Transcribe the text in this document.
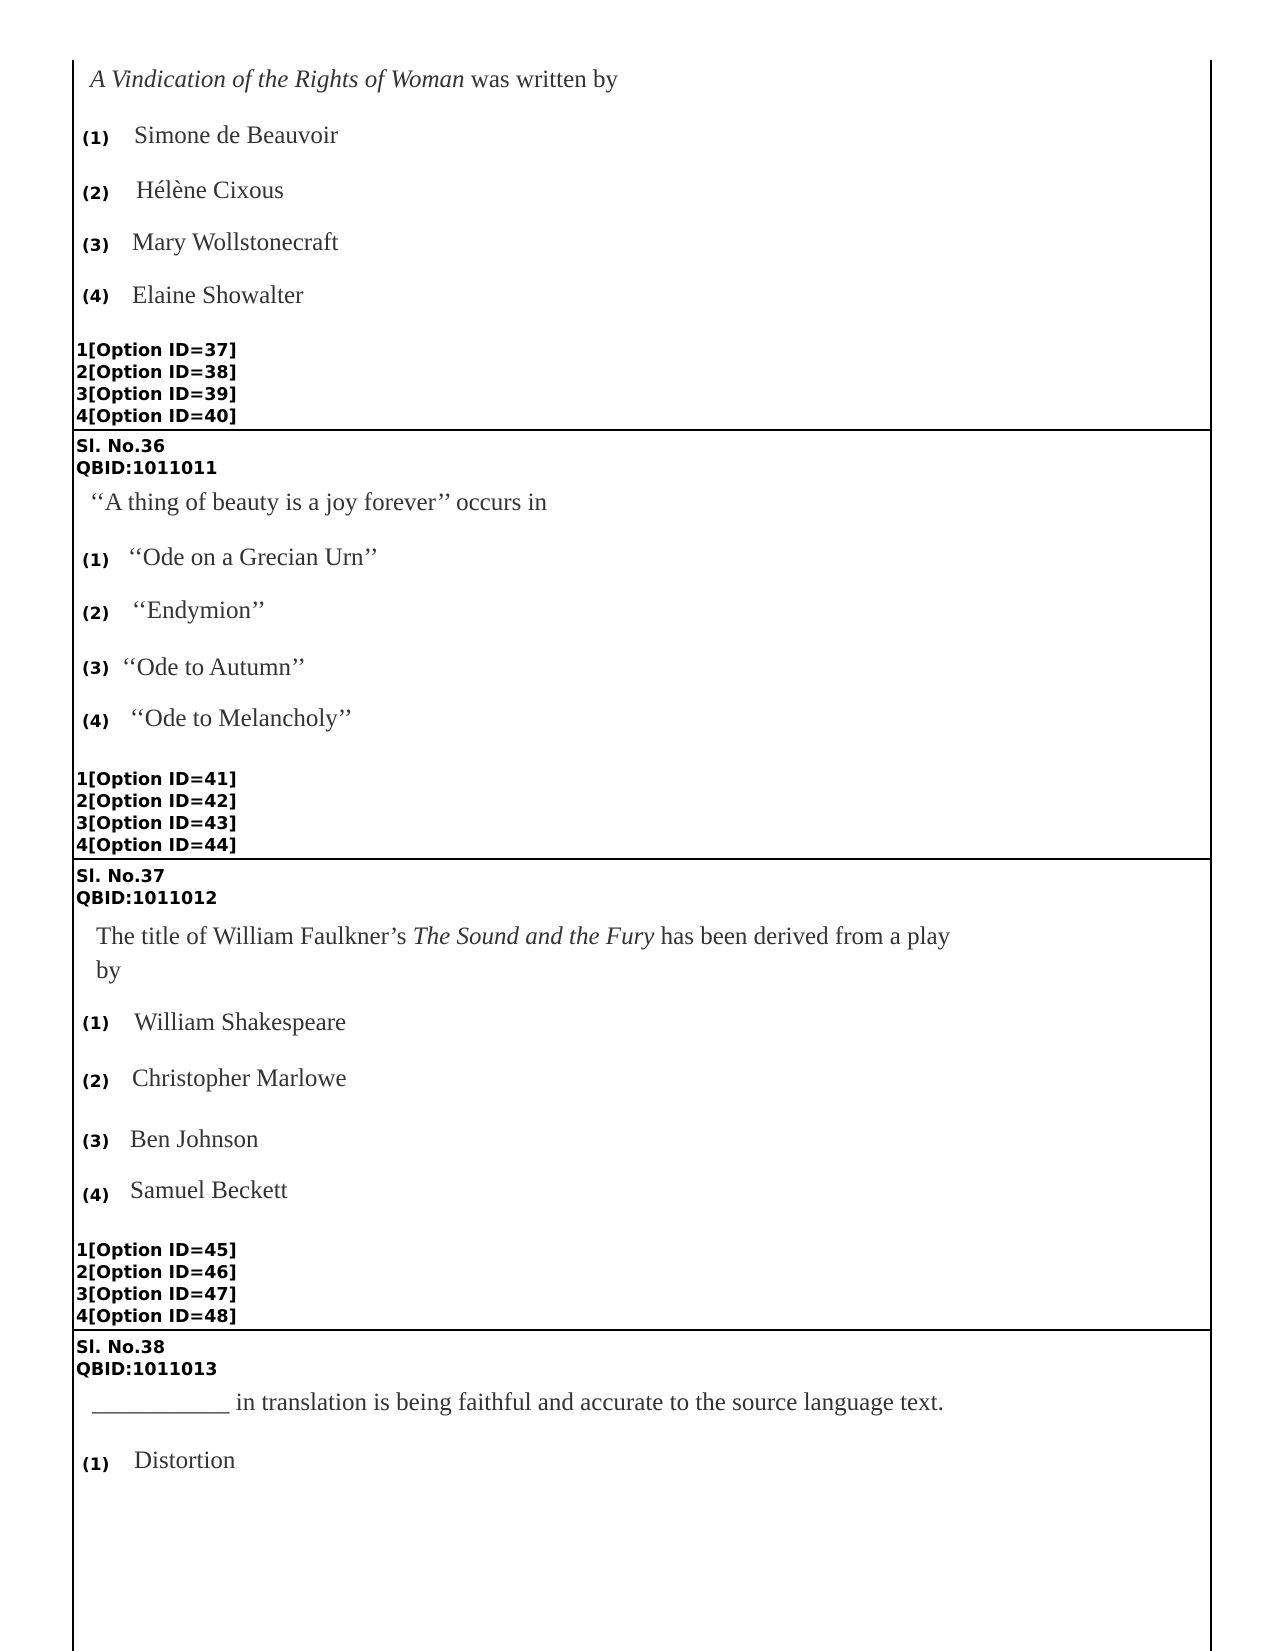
A Vindication of the Rights of Woman was written by
(1) Simone de Beauvoir
(2) Hélène Cixous
(3) Mary Wollstonecraft
(4) Elaine Showalter
1[Option ID=37]
2[Option ID=38]
3[Option ID=39]
4[Option ID=40]
Sl. No.36
QBID:1011011
‘‘A thing of beauty is a joy forever’’ occurs in
(1) ‘‘Ode on a Grecian Urn’’
(2) ‘‘Endymion’’
(3) ‘‘Ode to Autumn’’
(4) ‘‘Ode to Melancholy’’
1[Option ID=41]
2[Option ID=42]
3[Option ID=43]
4[Option ID=44]
Sl. No.37
QBID:1011012
The title of William Faulkner’s The Sound and the Fury has been derived from a play
by
(1) William Shakespeare
(2) Christopher Marlowe
(3) Ben Johnson
(4) Samuel Beckett
1[Option ID=45]
2[Option ID=46]
3[Option ID=47]
4[Option ID=48]
Sl. No.38
QBID:1011013
___________ in translation is being faithful and accurate to the source language text.
(1) Distortion
